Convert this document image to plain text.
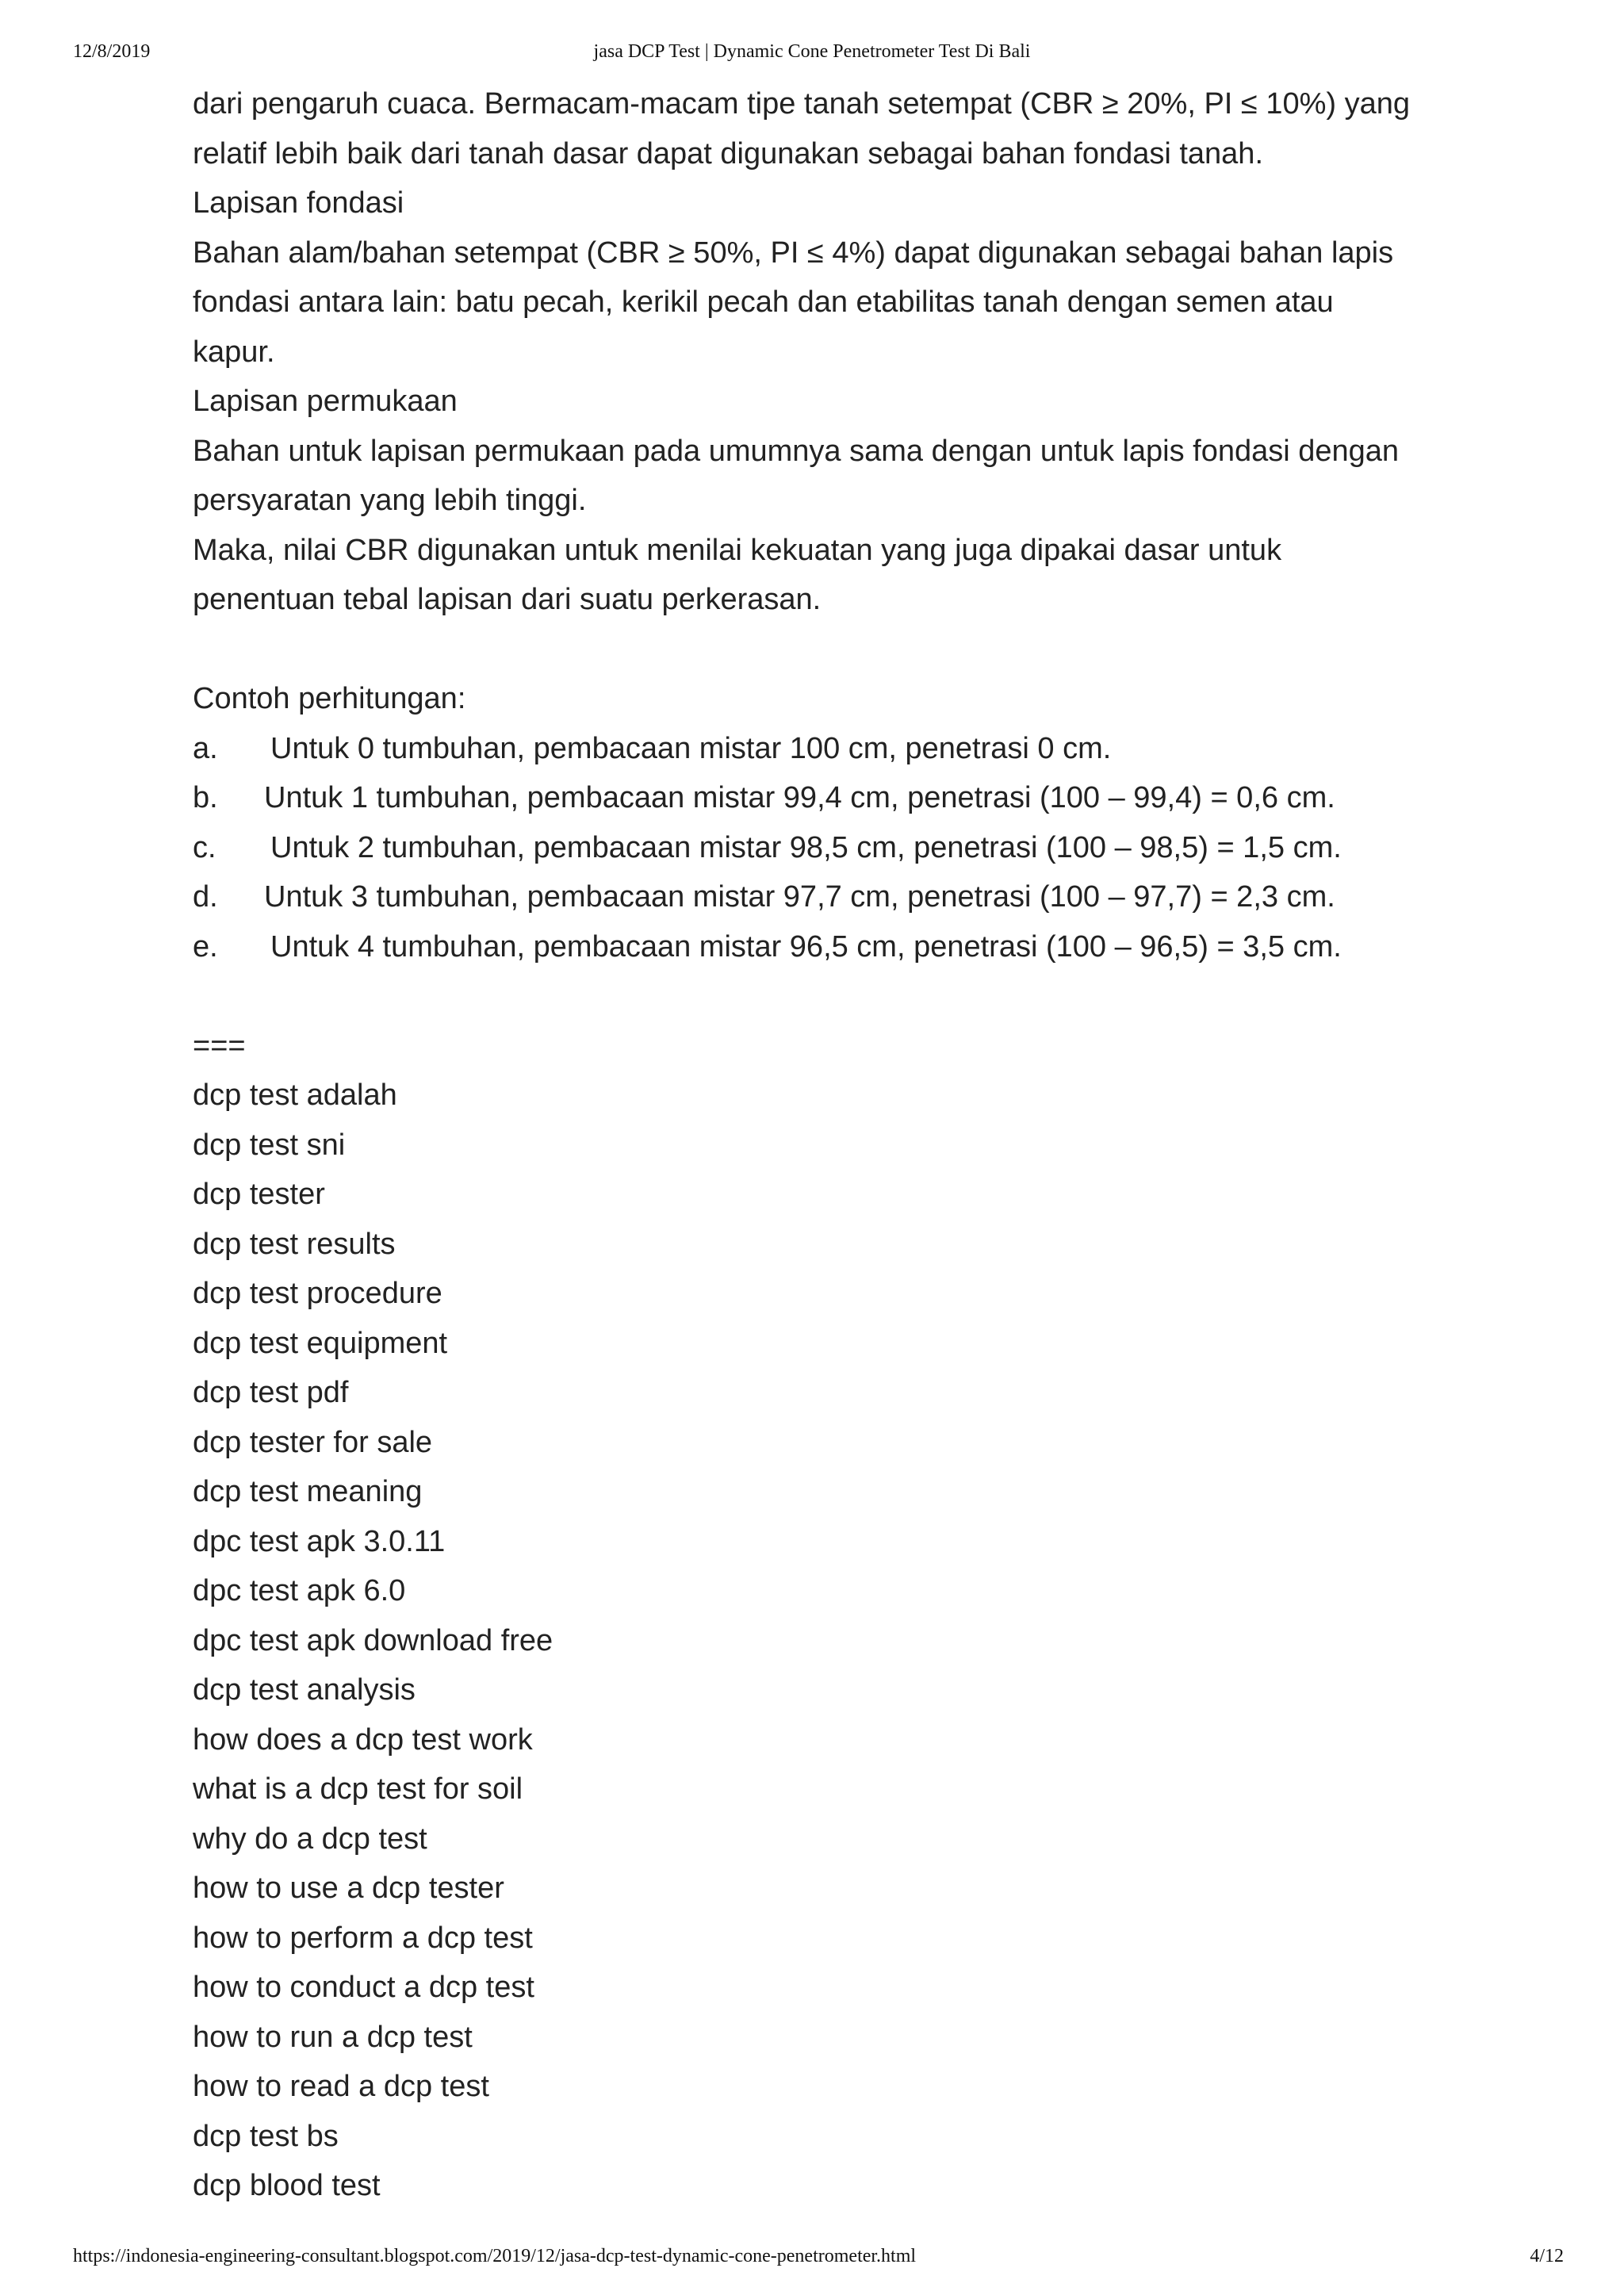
12/8/2019	jasa DCP Test | Dynamic Cone Penetrometer Test Di Bali
dari pengaruh cuaca. Bermacam-macam tipe tanah setempat (CBR ≥ 20%, PI ≤ 10%) yang
relatif lebih baik dari tanah dasar dapat digunakan sebagai bahan fondasi tanah.
Lapisan fondasi
Bahan alam/bahan setempat (CBR ≥ 50%, PI ≤ 4%) dapat digunakan sebagai bahan lapis
fondasi antara lain: batu pecah, kerikil pecah dan etabilitas tanah dengan semen atau
kapur.
Lapisan permukaan
Bahan untuk lapisan permukaan pada umumnya sama dengan untuk lapis fondasi dengan
persyaratan yang lebih tinggi.
Maka, nilai CBR digunakan untuk menilai kekuatan yang juga dipakai dasar untuk
penentuan tebal lapisan dari suatu perkerasan.
Contoh perhitungan:
a. Untuk 0 tumbuhan, pembacaan mistar 100 cm, penetrasi 0 cm.
b. Untuk 1 tumbuhan, pembacaan mistar 99,4 cm, penetrasi (100 – 99,4) = 0,6 cm.
c. Untuk 2 tumbuhan, pembacaan mistar 98,5 cm, penetrasi (100 – 98,5) = 1,5 cm.
d. Untuk 3 tumbuhan, pembacaan mistar 97,7 cm, penetrasi (100 – 97,7) = 2,3 cm.
e. Untuk 4 tumbuhan, pembacaan mistar 96,5 cm, penetrasi (100 – 96,5) = 3,5 cm.
===
dcp test adalah
dcp test sni
dcp tester
dcp test results
dcp test procedure
dcp test equipment
dcp test pdf
dcp tester for sale
dcp test meaning
dpc test apk 3.0.11
dpc test apk 6.0
dpc test apk download free
dcp test analysis
how does a dcp test work
what is a dcp test for soil
why do a dcp test
how to use a dcp tester
how to perform a dcp test
how to conduct a dcp test
how to run a dcp test
how to read a dcp test
dcp test bs
dcp blood test
https://indonesia-engineering-consultant.blogspot.com/2019/12/jasa-dcp-test-dynamic-cone-penetrometer.html	4/12
